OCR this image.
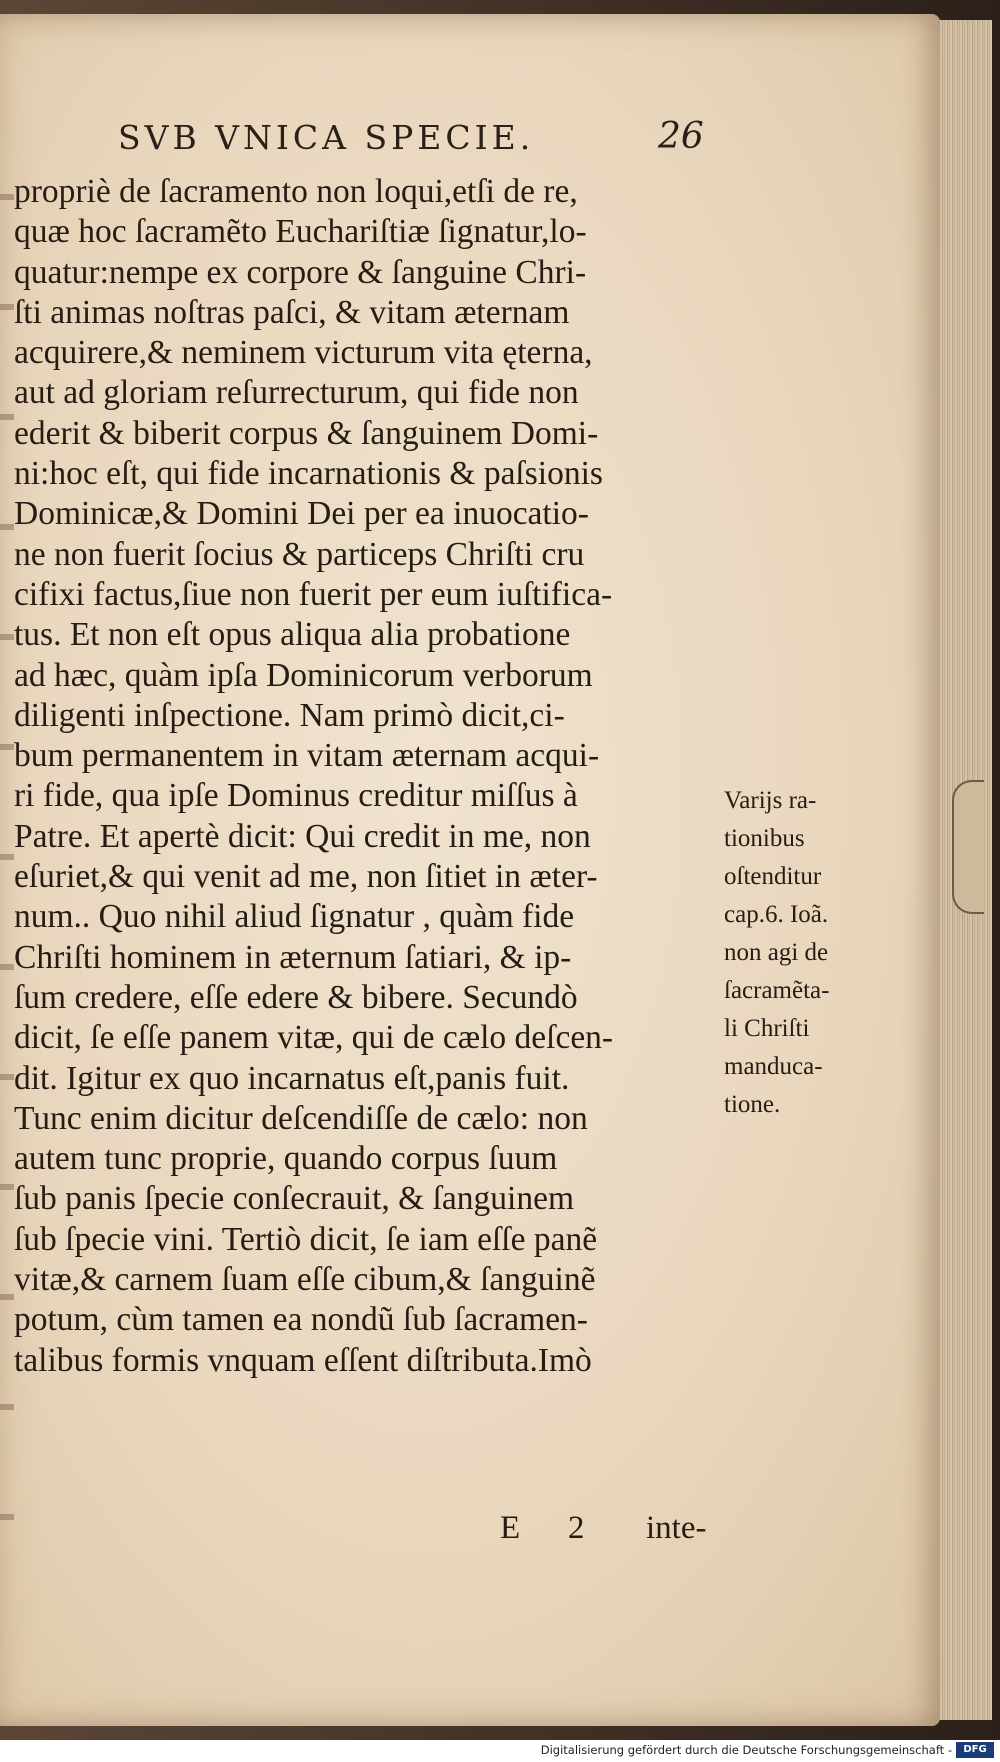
SVB VNICA SPECIE.	26
propriè de ſacramento non loqui,etſi de re,
quæ hoc ſacramẽto Euchariſtiæ ſignatur,lo-
quatur:nempe ex corpore & ſanguine Chri-
ſti animas noſtras paſci, & vitam æternam
acquirere,& neminem victurum vita ęterna,
aut ad gloriam reſurrecturum, qui fide non
ederit & biberit corpus & ſanguinem Domi-
ni:hoc eſt, qui fide incarnationis & paſsionis
Dominicæ,& Domini Dei per ea inuocatio-
ne non fuerit ſocius & particeps Chriſti cru
cifixi factus,ſiue non fuerit per eum iuſtifica-
tus. Et non eſt opus aliqua alia probatione
ad hæc, quàm ipſa Dominicorum verborum
diligenti inſpectione. Nam primò dicit,ci-
bum permanentem in vitam æternam acqui-
ri fide, qua ipſe Dominus creditur miſſus à
Patre. Et apertè dicit: Qui credit in me, non
eſuriet,& qui venit ad me, non ſitiet in æter-
num.. Quo nihil aliud ſignatur , quàm fide
Chriſti hominem in æternum ſatiari, & ip-
ſum credere, eſſe edere & bibere. Secundò
dicit, ſe eſſe panem vitæ, qui de cælo deſcen-
dit. Igitur ex quo incarnatus eſt,panis fuit.
Tunc enim dicitur deſcendiſſe de cælo: non
autem tunc proprie, quando corpus ſuum
ſub panis ſpecie conſecrauit, & ſanguinem
ſub ſpecie vini. Tertiò dicit, ſe iam eſſe panẽ
vitæ,& carnem ſuam eſſe cibum,& ſanguinẽ
potum, cùm tamen ea nondũ ſub ſacramen-
talibus formis vnquam eſſent diſtributa.Imò
Varijs ra-
tionibus
oſtenditur
cap.6. Ioã.
non agi de
ſacramẽta-
li Chriſti
manduca-
tione.
E 2 inte-
Digitalisierung gefördert durch die Deutsche Forschungsgemeinschaft -	DFG
